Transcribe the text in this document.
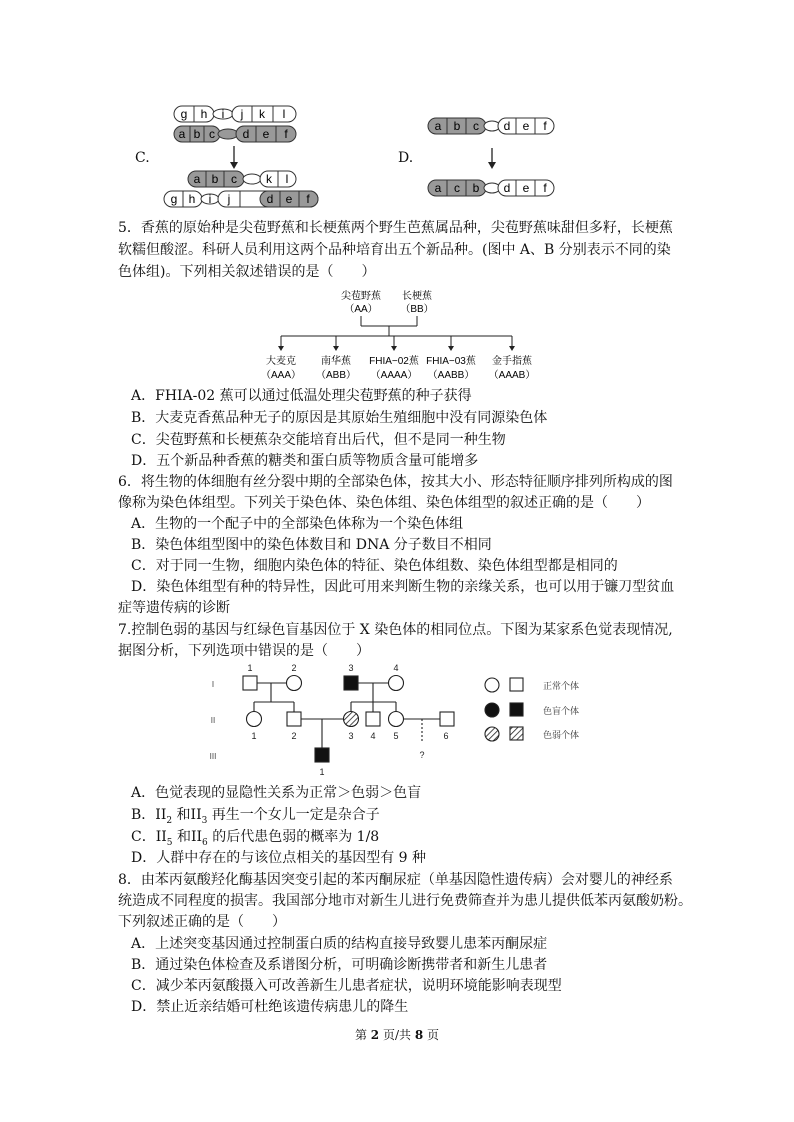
C.	D.
g h i j k l
a b c d e f
a b c k l
g h i j	d e f
a b c d e f
a c b d e f
5．香蕉的原始种是尖苞野蕉和长梗蕉两个野生芭蕉属品种，尖苞野蕉味甜但多籽，长梗蕉
软糯但酸涩。科研人员利用这两个品种培育出五个新品种。(图中 A、B 分别表示不同的染
色体组)。下列相关叙述错误的是（　　）
尖苞野蕉
（AA）
长梗蕉
（BB）
大麦克
（AAA）
南华蕉
（ABB）
FHIA−02蕉
（AAAA）
FHIA−03蕉
（AABB）
金手指蕉
（AAAB）
A．FHIA-02 蕉可以通过低温处理尖苞野蕉的种子获得
B．大麦克香蕉品种无子的原因是其原始生殖细胞中没有同源染色体
C．尖苞野蕉和长梗蕉杂交能培育出后代，但不是同一种生物
D．五个新品种香蕉的糖类和蛋白质等物质含量可能增多
6．将生物的体细胞有丝分裂中期的全部染色体，按其大小、形态特征顺序排列所构成的图
像称为染色体组型。下列关于染色体、染色体组、染色体组型的叙述正确的是（　　）
A．生物的一个配子中的全部染色体称为一个染色体组
B．染色体组型图中的染色体数目和 DNA 分子数目不相同
C．对于同一生物，细胞内染色体的特征、染色体组数、染色体组型都是相同的
D．染色体组型有种的特异性，因此可用来判断生物的亲缘关系，也可以用于镰刀型贫血
症等遗传病的诊断
7.控制色弱的基因与红绿色盲基因位于 X 染色体的相同位点。下图为某家系色觉表现情况,
据图分析，下列选项中错误的是（　　）
I
II
III
1	2	3	4
1	2	3 4 5	6
1
?
正常个体
色盲个体
色弱个体
A．色觉表现的显隐性关系为正常＞色弱＞色盲
B．$II_2$ 和$II_3$ 再生一个女儿一定是杂合子
C．$II_5$ 和$II_6$ 的后代患色弱的概率为 1/8
D．人群中存在的与该位点相关的基因型有 9 种
8．由苯丙氨酸羟化酶基因突变引起的苯丙酮尿症（单基因隐性遗传病）会对婴儿的神经系
统造成不同程度的损害。我国部分地市对新生儿进行免费筛查并为患儿提供低苯丙氨酸奶粉。
下列叙述正确的是（　　）
A．上述突变基因通过控制蛋白质的结构直接导致婴儿患苯丙酮尿症
B．通过染色体检查及系谱图分析，可明确诊断携带者和新生儿患者
C．减少苯丙氨酸摄入可改善新生儿患者症状，说明环境能影响表现型
D．禁止近亲结婚可杜绝该遗传病患儿的降生
第 2 页/共 8 页
